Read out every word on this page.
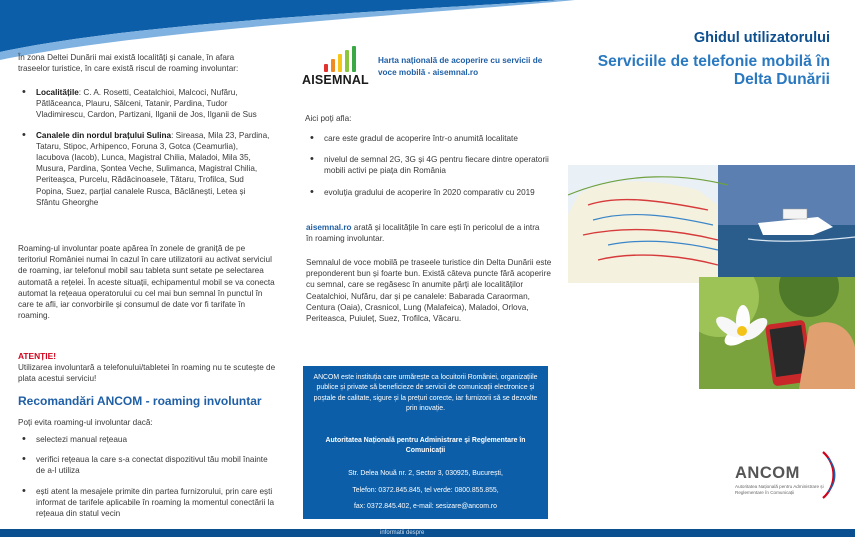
În zona Deltei Dunării mai există localități și canale, în afara traseelor turistice, în care există riscul de roaming involuntar:

• Localitățile: C. A. Rosetti, Ceatalchioi, Malcoci, Nufăru, Pătlăceanca, Plauru, Sălceni, Tatanir, Pardina, Tudor Vladimirescu, Cardon, Partizani, Ilganii de Jos, Ilganii de Sus
• Canalele din nordul brațului Sulina: Sireasa, Mila 23, Pardina, Tataru, Stipoc, Arhipenco, Foruna 3, Gotca (Ceamurlia), Iacubova (Iacob), Lunca, Magistral Chilia, Maladoi, Mila 35, Musura, Pardina, Șontea Veche, Sulimanca, Magistral Chilia, Periteașca, Purcelu, Rădăcinoasele, Tătaru, Trofilca, Sud Popina, Suez, parțial canalele Rusca, Băclănești, Letea și Sfântu Gheorghe

Roaming-ul involuntar poate apărea în zonele de graniță de pe teritoriul României numai în cazul în care utilizatorii au activat serviciul de roaming, iar telefonul mobil sau tableta sunt setate pe selectarea automată a rețelei. În aceste situații, echipamentul mobil se va conecta automat la rețeaua operatorului cu cel mai bun semnal în punctul în care te afli, iar convorbirile și consumul de date vor fi tarifate în roaming.

ATENȚIE!

Utilizarea involuntară a telefonului/tabletei în roaming nu te scutește de plata acestui serviciu!

Recomandări ANCOM - roaming involuntar

Poți evita roaming-ul involuntar dacă:

• selectezi manual rețeaua
• verifici rețeaua la care s-a conectat dispozitivul tău mobil înainte de a-l utiliza
• ești atent la mesajele primite din partea furnizorului, prin care ești informat de tarifele aplicabile în roaming la momentul conectării la rețeaua din statul vecin
AISEMNAL
Harta națională de acoperire cu servicii de voce mobilă - aisemnal.ro

Aici poți afla:

• care este gradul de acoperire într-o anumită localitate
• nivelul de semnal 2G, 3G și 4G pentru fiecare dintre operatorii mobili activi pe piața din România
• evoluția gradului de acoperire în 2020 comparativ cu 2019

aisemnal.ro arată și localitățile în care ești în pericolul de a intra în roaming involuntar.

Semnalul de voce mobilă pe traseele turistice din Delta Dunării este preponderent bun și foarte bun. Există câteva puncte fără acoperire cu semnal, care se regăsesc în anumite părți ale localităților Ceatalchioi, Nufăru, dar și pe canalele: Babarada Caraorman, Centura (Oaia), Crasnicol, Lung (Malafeica), Maladoi, Orlova, Periteasca, Puiuleț, Suez, Trofilca, Văcaru.

ANCOM este instituția care urmărește ca locuitorii României, organizațiile publice și private să beneficieze de servicii de comunicații electronice și poștale de calitate, sigure și la prețuri corecte, iar furnizorii să se dezvolte prin inovație.
Autoritatea Națională pentru Administrare și Reglementare în Comunicații
Str. Delea Nouă nr. 2, Sector 3, 030925, București,
Telefon: 0372.845.845, tel verde: 0800.855.855,
fax: 0372.845.402, e-mail: sesizare@ancom.ro
Ghidul utilizatorului
Serviciile de telefonie mobilă în Delta Dunării
ANCOM
Autoritatea Națională pentru Administrare și Reglementare în Comunicații
informatii despre
